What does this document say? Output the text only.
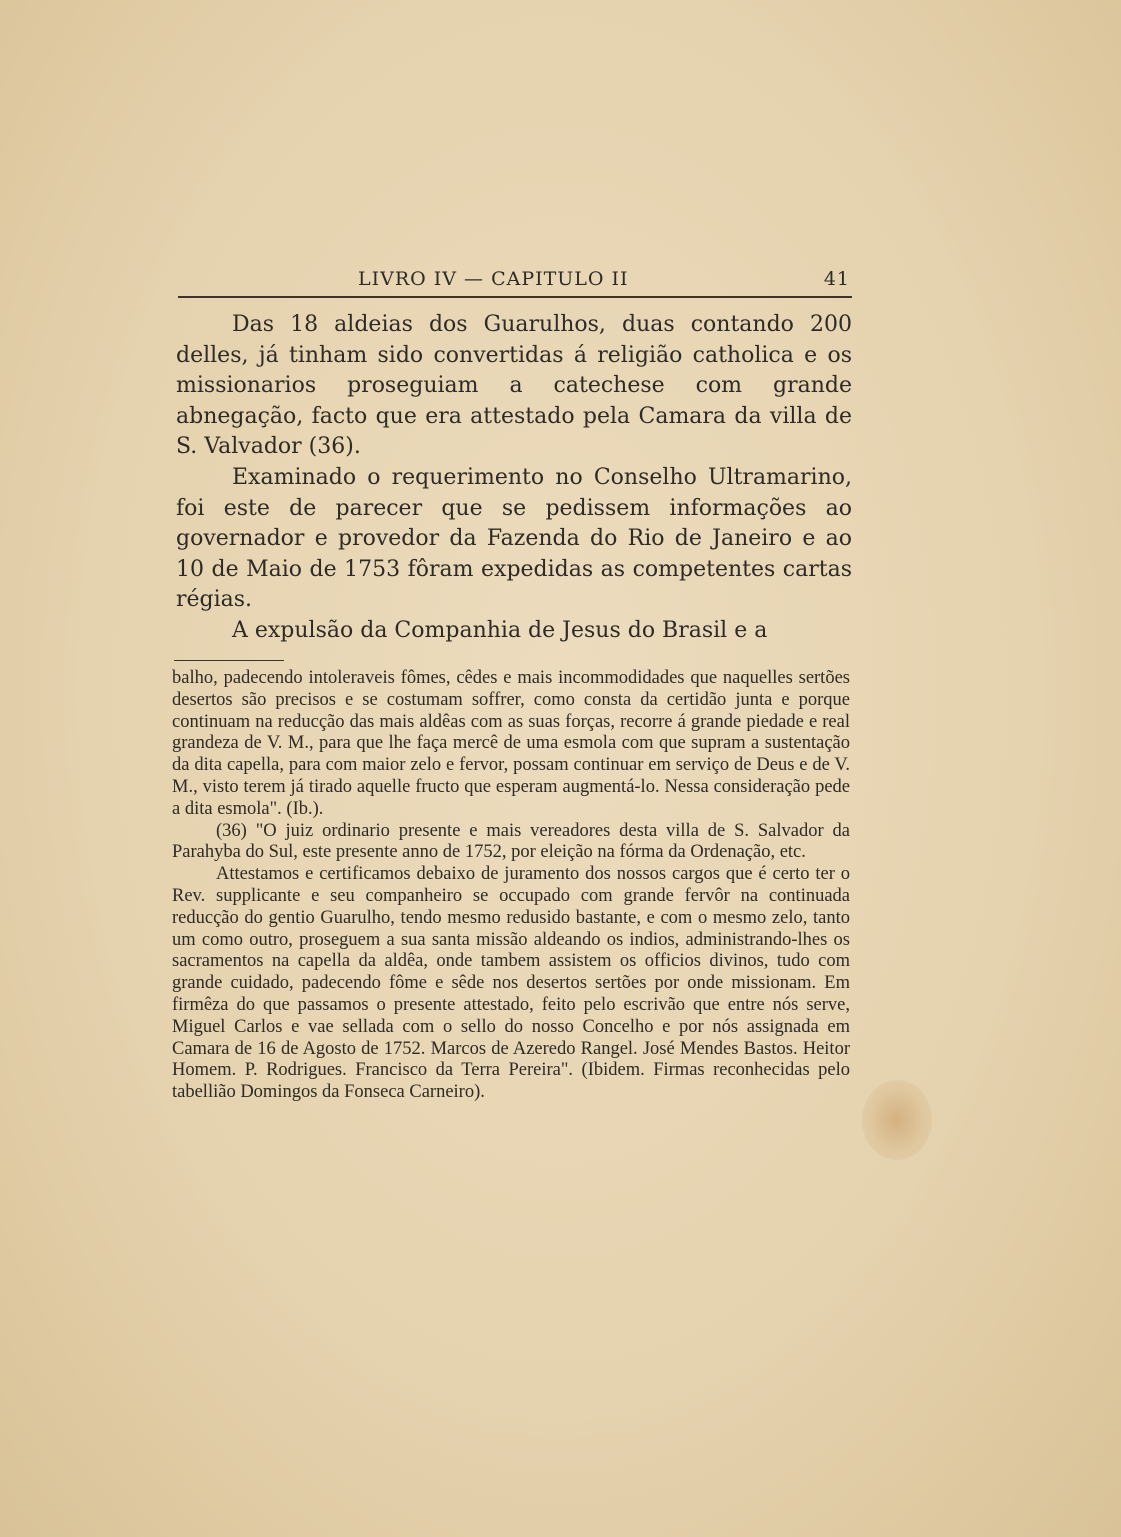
LIVRO IV — CAPITULO II	41

Das 18 aldeias dos Guarulhos, duas contando 200 delles, já tinham sido convertidas á religião catholica e os missionarios proseguiam a catechese com grande abnegação, facto que era attestado pela Camara da villa de S. Valvador (36).

Examinado o requerimento no Conselho Ultramarino, foi este de parecer que se pedissem informações ao governador e provedor da Fazenda do Rio de Janeiro e ao 10 de Maio de 1753 fôram expedidas as competentes cartas régias.

A expulsão da Companhia de Jesus do Brasil e a

balho, padecendo intoleraveis fômes, cêdes e mais incommodidades que naquelles sertões desertos são precisos e se costumam soffrer, como consta da certidão junta e porque continuam na reducção das mais aldêas com as suas forças, recorre á grande piedade e real grandeza de V. M., para que lhe faça mercê de uma esmola com que supram a sustentação da dita capella, para com maior zelo e fervor, possam continuar em serviço de Deus e de V. M., visto terem já tirado aquelle fructo que esperam augmentá-lo. Nessa consideração pede a dita esmola". (Ib.).

(36) "O juiz ordinario presente e mais vereadores desta villa de S. Salvador da Parahyba do Sul, este presente anno de 1752, por eleição na fórma da Ordenação, etc.

Attestamos e certificamos debaixo de juramento dos nossos cargos que é certo ter o Rev. supplicante e seu companheiro se occupado com grande fervôr na continuada reducção do gentio Guarulho, tendo mesmo redusido bastante, e com o mesmo zelo, tanto um como outro, proseguem a sua santa missão aldeando os indios, administrando-lhes os sacramentos na capella da aldêa, onde tambem assistem os officios divinos, tudo com grande cuidado, padecendo fôme e sêde nos desertos sertões por onde missionam. Em firmêza do que passamos o presente attestado, feito pelo escrivão que entre nós serve, Miguel Carlos e vae sellada com o sello do nosso Concelho e por nós assignada em Camara de 16 de Agosto de 1752. Marcos de Azeredo Rangel. José Mendes Bastos. Heitor Homem. P. Rodrigues. Francisco da Terra Pereira". (Ibidem. Firmas reconhecidas pelo tabellião Domingos da Fonseca Carneiro).
